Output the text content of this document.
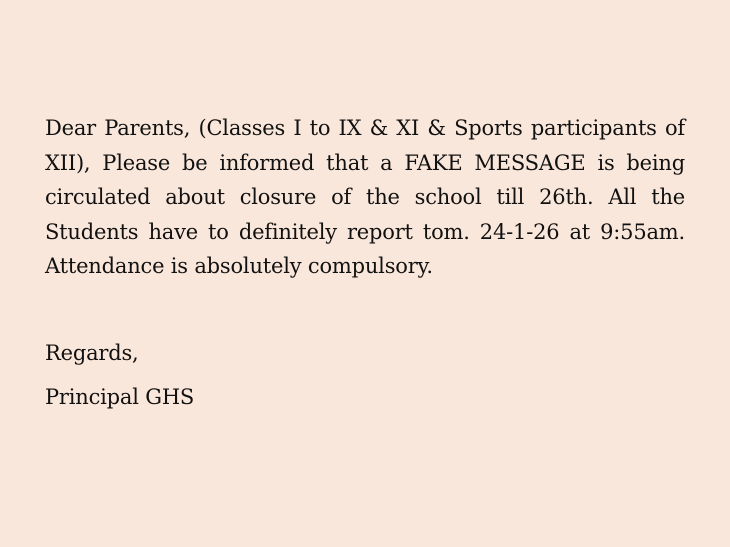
Dear Parents, (Classes I to IX & XI & Sports participants of XII), Please be informed that a FAKE MESSAGE is being circulated about closure of the school till 26th. All the Students have to definitely report tom. 24-1-26 at 9:55am. Attendance is absolutely compulsory.

Regards,

Principal GHS
